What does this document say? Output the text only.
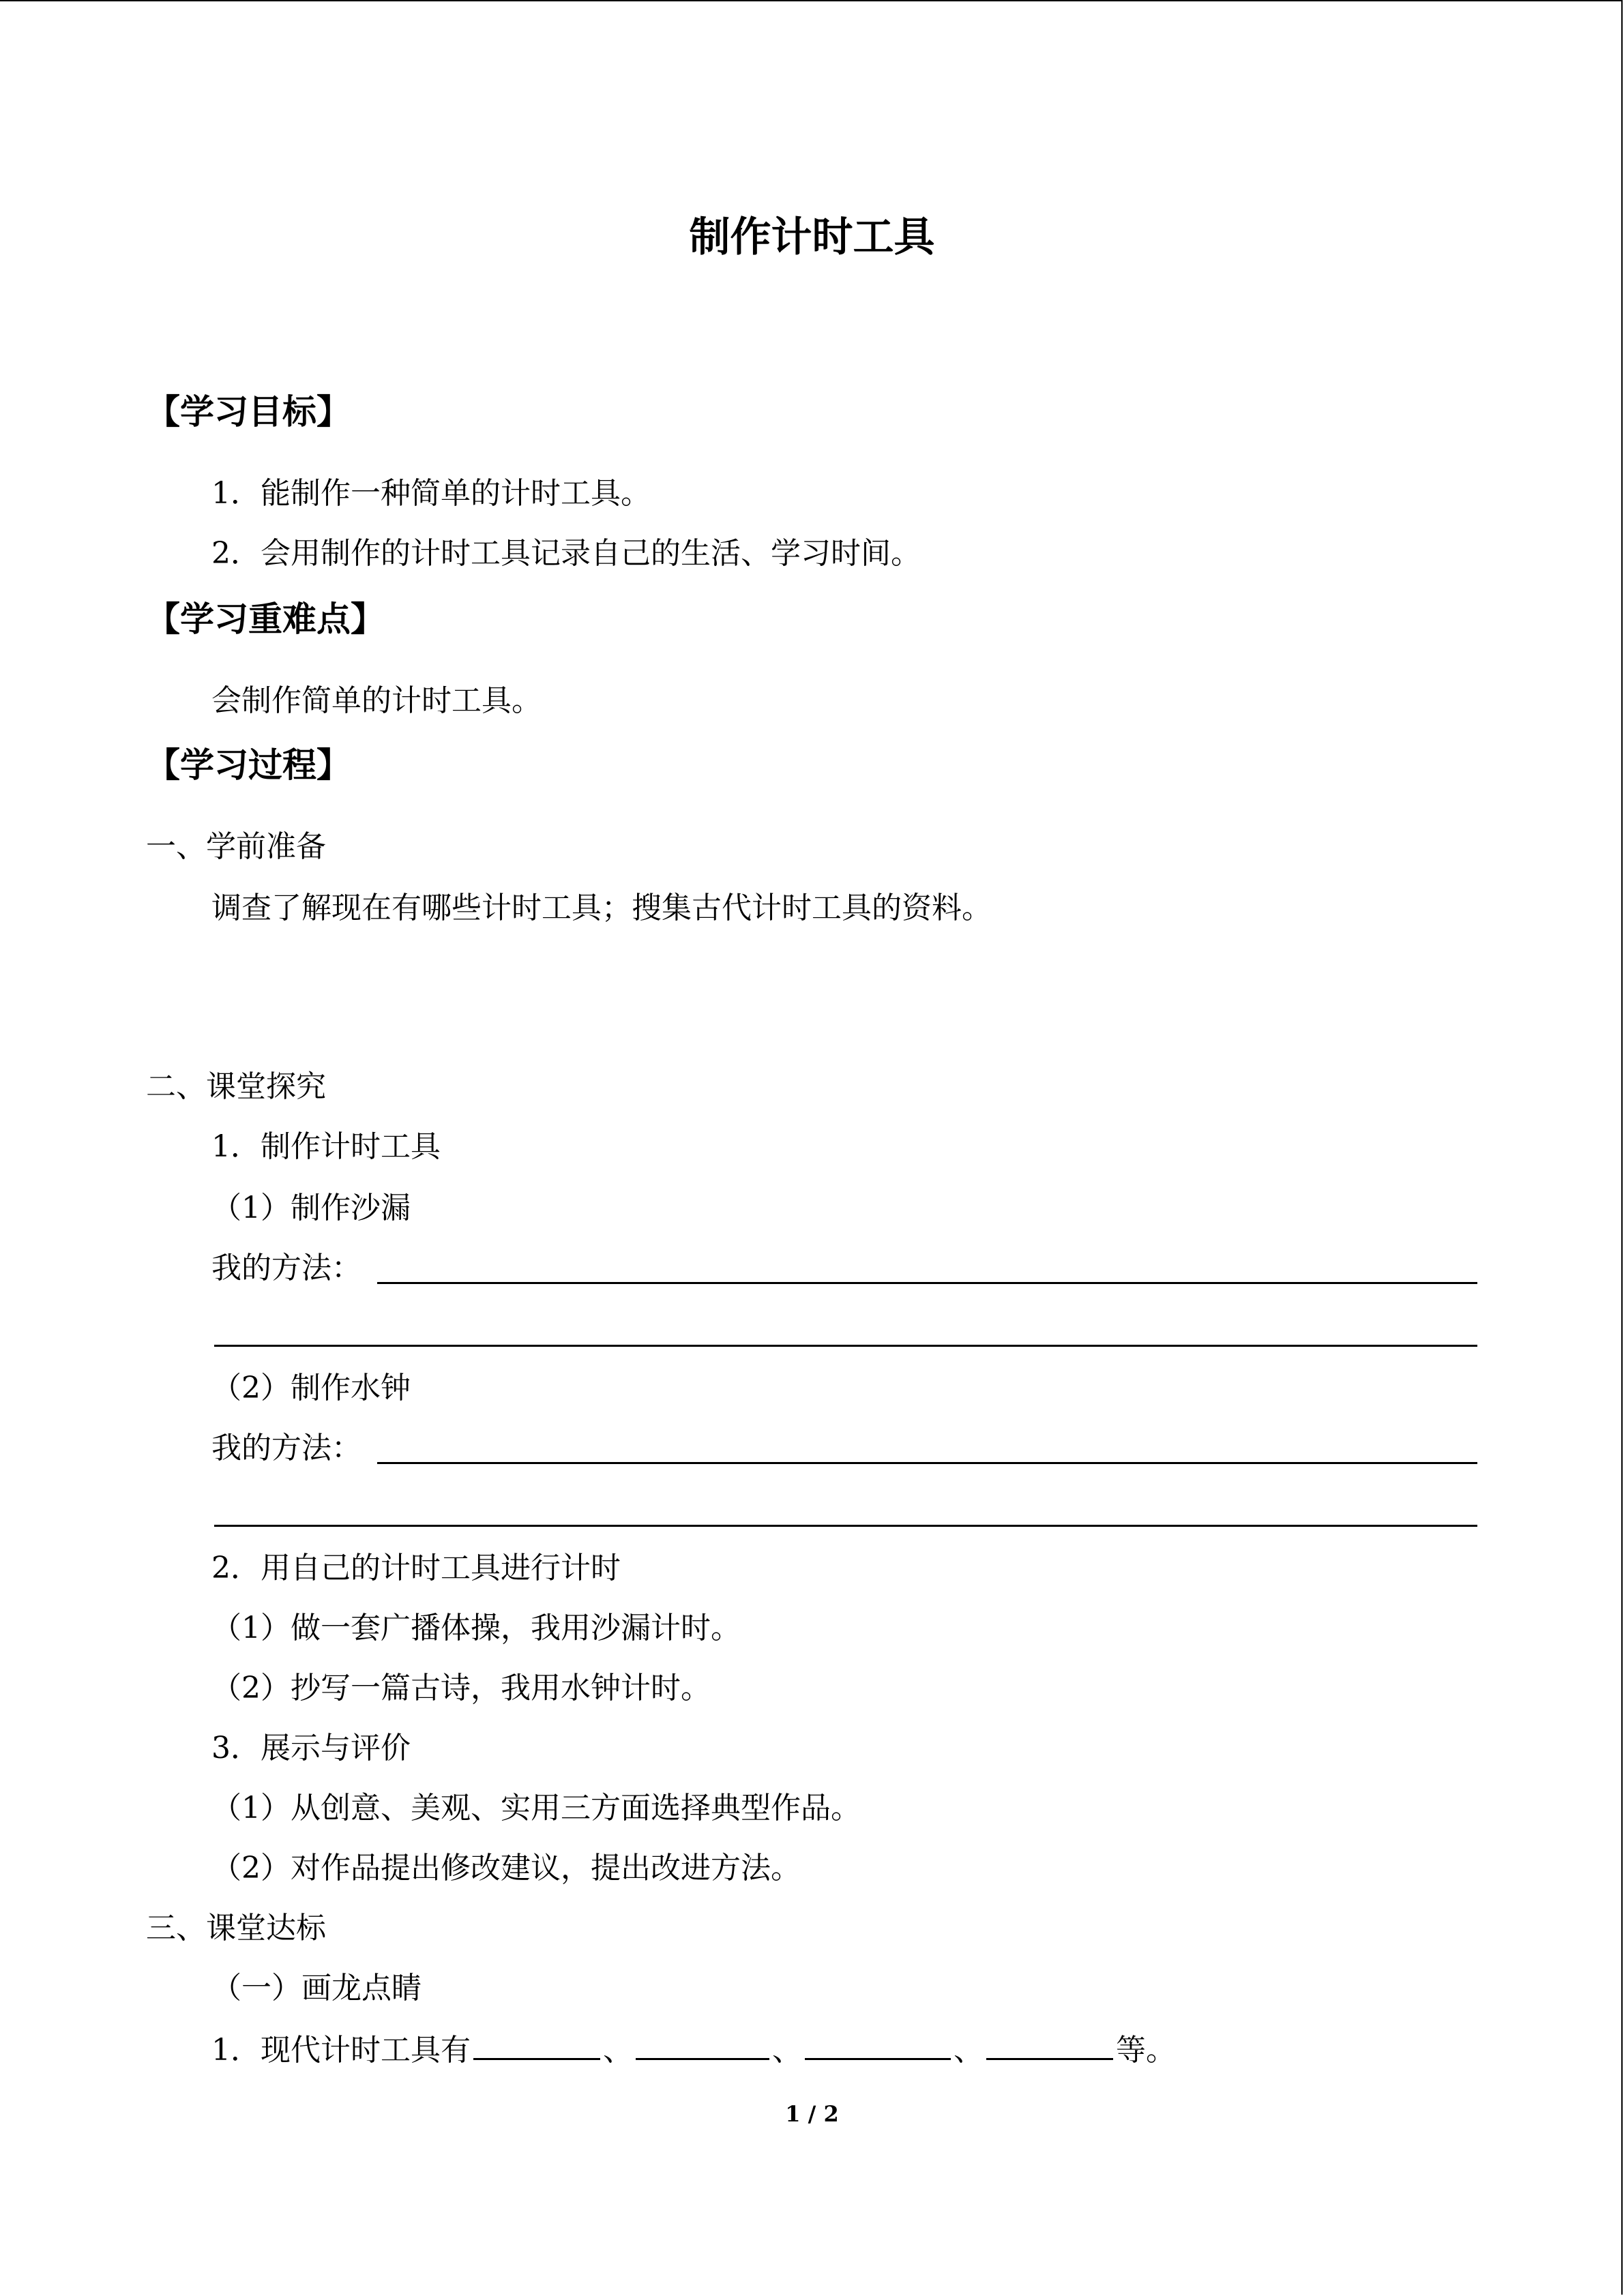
制作计时工具
【学习目标】
1．能制作一种简单的计时工具。
2．会用制作的计时工具记录自己的生活、学习时间。
【学习重难点】
会制作简单的计时工具。
【学习过程】
一、学前准备
调查了解现在有哪些计时工具；搜集古代计时工具的资料。
二、课堂探究
1．制作计时工具
（1）制作沙漏
我的方法：
（2）制作水钟
我的方法：
2．用自己的计时工具进行计时
（1）做一套广播体操，我用沙漏计时。
（2）抄写一篇古诗，我用水钟计时。
3．展示与评价
（1）从创意、美观、实用三方面选择典型作品。
（2）对作品提出修改建议，提出改进方法。
三、课堂达标
（一）画龙点睛
1．现代计时工具有	、	、	、	等。
1 / 2
